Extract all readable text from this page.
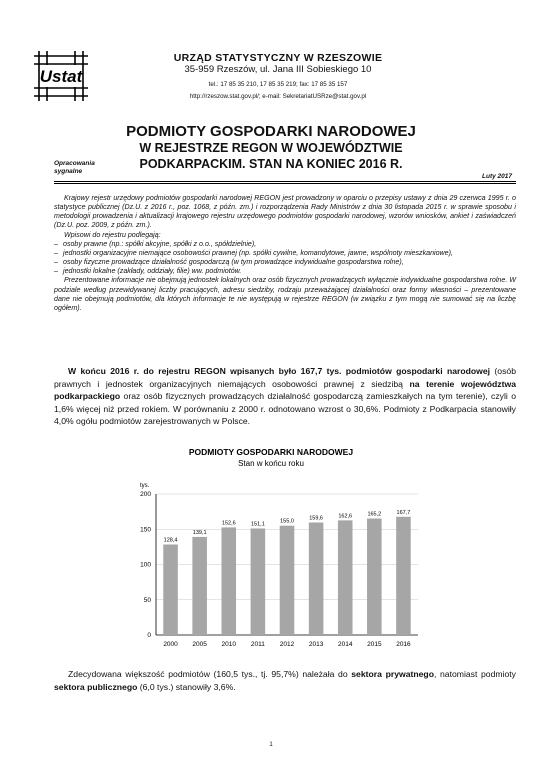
Ustat
URZĄD STATYSTYCZNY W RZESZOWIE
35-959 Rzeszów, ul. Jana III Sobieskiego 10
tel.: 17 85 35 210, 17 85 35 219; fax: 17 85 35 157
http://rzeszow.stat.gov.pl/; e-mail: SekretariatUSRze@stat.gov.pl
PODMIOTY GOSPODARKI NARODOWEJ
W REJESTRZE REGON W WOJEWÓDZTWIE
PODKARPACKIM. STAN NA KONIEC 2016 R.
Opracowania
sygnalne
Luty 2017

Krajowy rejestr urzędowy podmiotów gospodarki narodowej REGON jest prowadzony w oparciu o przepisy ustawy z dnia 29 czerwca 1995 r. o statystyce publicznej (Dz.U. z 2016 r., poz. 1068, z późn. zm.) i rozporządzenia Rady Ministrów z dnia 30 listopada 2015 r. w sprawie sposobu i metodologii prowadzenia i aktualizacji krajowego rejestru urzędowego podmiotów gospodarki narodowej, wzorów wniosków, ankiet i zaświadczeń (Dz.U. poz. 2009, z późn. zm.).

Wpisowi do rejestru podlegają:

– osoby prawne (np.: spółki akcyjne, spółki z o.o., spółdzielnie),
– jednostki organizacyjne niemające osobowości prawnej (np. spółki cywilne, komandytowe, jawne, wspólnoty mieszkaniowe),
– osoby fizyczne prowadzące działalność gospodarczą (w tym prowadzące indywidualne gospodarstwa rolne),
– jednostki lokalne (zakłady, oddziały, filie) ww. podmiotów.

Prezentowane informacje nie obejmują jednostek lokalnych oraz osób fizycznych prowadzących wyłącznie indywidualne gospodarstwa rolne. W podziale według przewidywanej liczby pracujących, adresu siedziby, rodzaju przeważającej działalności oraz formy własności – prezentowane dane nie obejmują podmiotów, dla których informacje te nie występują w rejestrze REGON (w związku z tym mogą nie sumować się na liczbę ogółem).

W końcu 2016 r. do rejestru REGON wpisanych było 167,7 tys. podmiotów gospodarki narodowej (osób prawnych i jednostek organizacyjnych niemających osobowości prawnej z siedzibą na terenie województwa podkarpackiego oraz osób fizycznych prowadzących działalność gospodarczą zamieszkałych na tym terenie), czyli o 1,6% więcej niż przed rokiem. W porównaniu z 2000 r. odnotowano wzrost o 30,6%. Podmioty z Podkarpacia stanowiły 4,0% ogółu podmiotów zarejestrowanych w Polsce.

PODMIOTY GOSPODARKI NARODOWEJ
Stan w końcu roku
tys.
0
50
100
150
200
128,4
2000
139,1
2005
152,6
2010
151,1
2011
155,0
2012
159,6
2013
162,6
2014
165,2
2015
167,7
2016

Zdecydowana większość podmiotów (160,5 tys., tj. 95,7%) należała do sektora prywatnego, natomiast podmioty sektora publicznego (6,0 tys.) stanowiły 3,6%.

1
